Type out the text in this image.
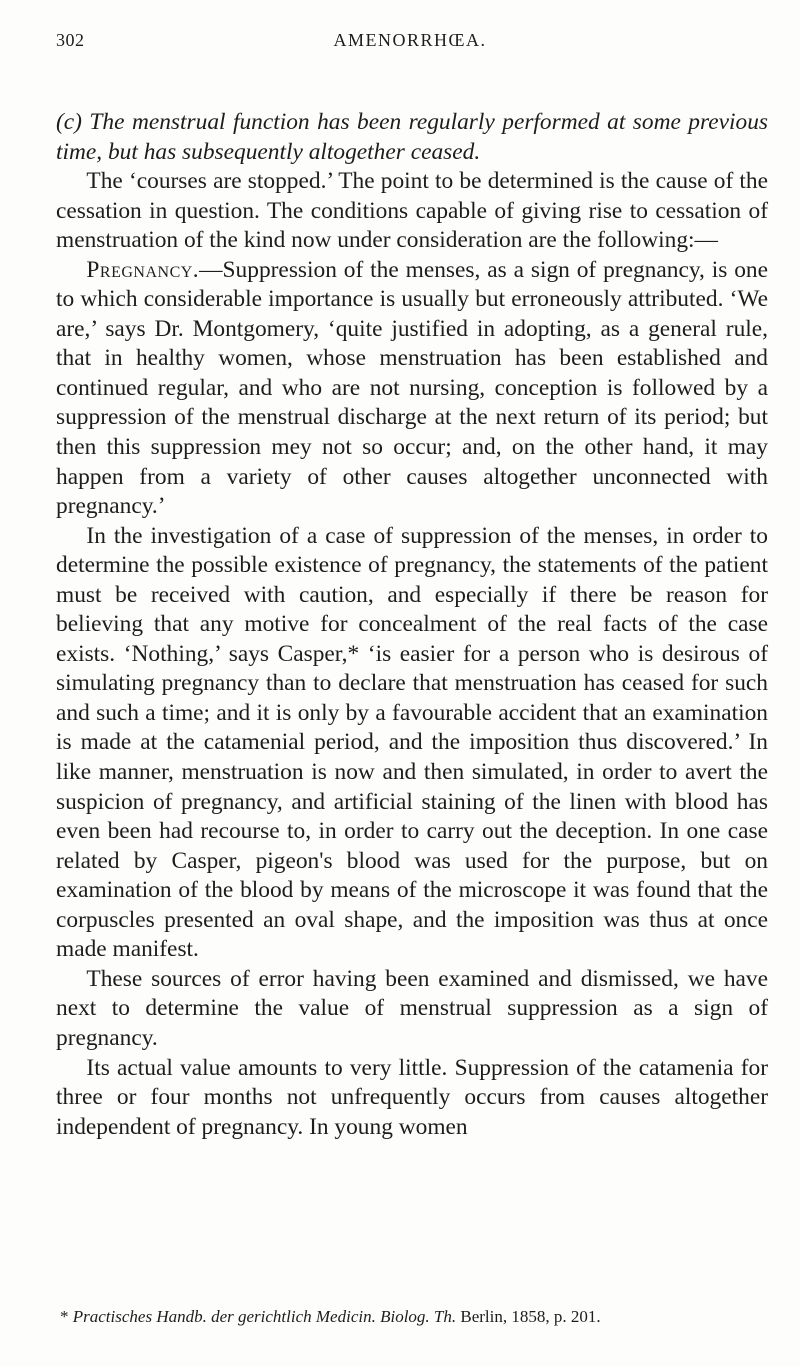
302	AMENORRHŒA.

(c) The menstrual function has been regularly performed at some previous time, but has subsequently altogether ceased.

The ‘courses are stopped.’ The point to be determined is the cause of the cessation in question. The conditions capable of giving rise to cessation of menstruation of the kind now under consideration are the following:—

Pregnancy.—Suppression of the menses, as a sign of pregnancy, is one to which considerable importance is usually but erroneously attributed. ‘We are,’ says Dr. Montgomery, ‘quite justified in adopting, as a general rule, that in healthy women, whose menstruation has been established and continued regular, and who are not nursing, conception is followed by a suppression of the menstrual discharge at the next return of its period; but then this suppression mey not so occur; and, on the other hand, it may happen from a variety of other causes altogether unconnected with pregnancy.’

In the investigation of a case of suppression of the menses, in order to determine the possible existence of pregnancy, the statements of the patient must be received with caution, and especially if there be reason for believing that any motive for concealment of the real facts of the case exists. ‘Nothing,’ says Casper,* ‘is easier for a person who is desirous of simulating pregnancy than to declare that menstruation has ceased for such and such a time; and it is only by a favourable accident that an examination is made at the catamenial period, and the imposition thus discovered.’ In like manner, menstruation is now and then simulated, in order to avert the suspicion of pregnancy, and artificial staining of the linen with blood has even been had recourse to, in order to carry out the deception. In one case related by Casper, pigeon's blood was used for the purpose, but on examination of the blood by means of the microscope it was found that the corpuscles presented an oval shape, and the imposition was thus at once made manifest.

These sources of error having been examined and dismissed, we have next to determine the value of menstrual suppression as a sign of pregnancy.

Its actual value amounts to very little. Suppression of the catamenia for three or four months not unfrequently occurs from causes altogether independent of pregnancy. In young women

* Practisches Handb. der gerichtlich Medicin. Biolog. Th. Berlin, 1858, p. 201.
